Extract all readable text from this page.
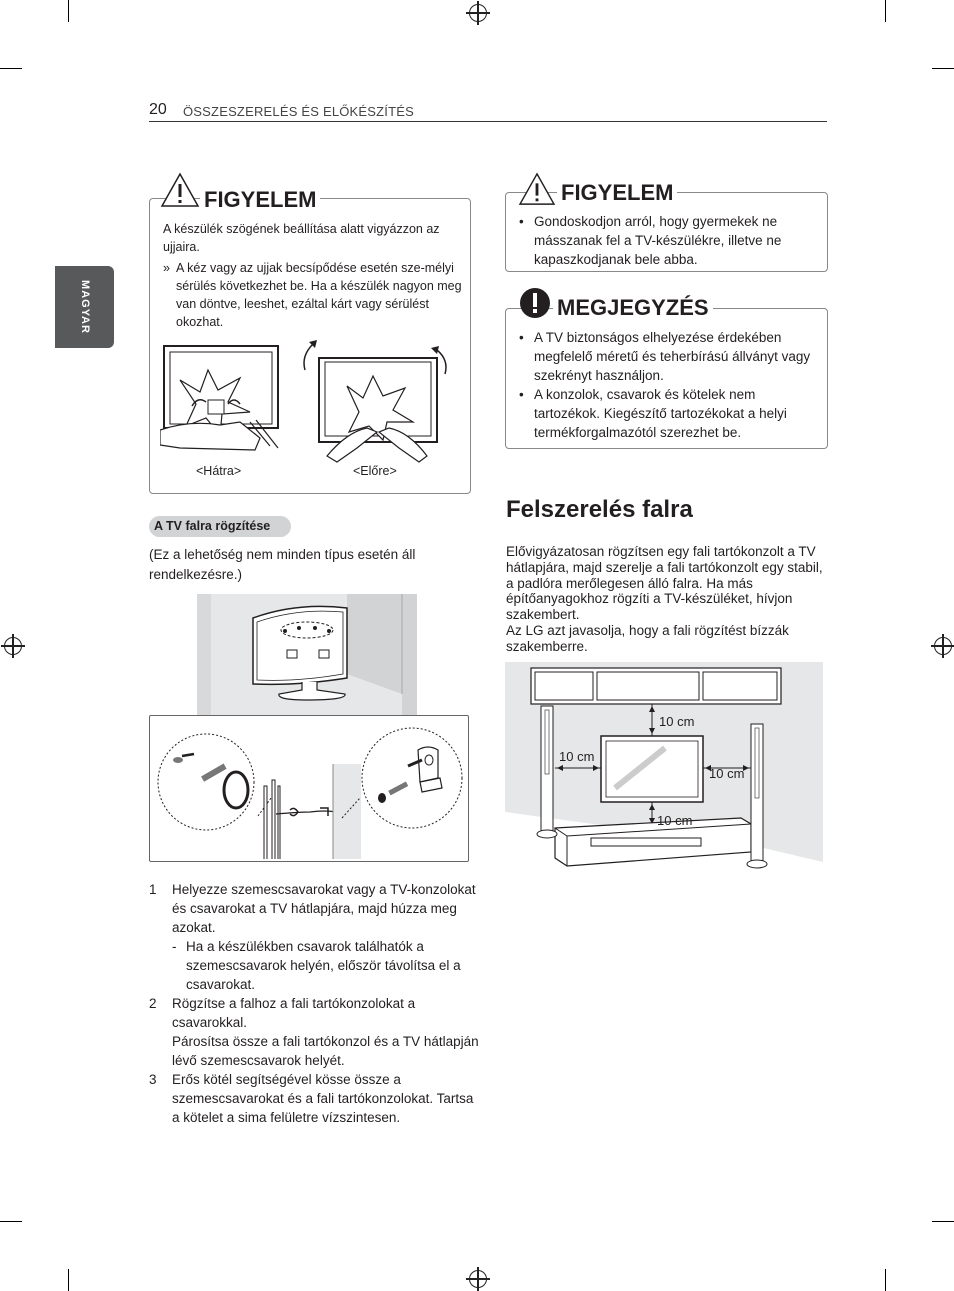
20 ÖSSZESZERELÉS ÉS ELŐKÉSZÍTÉS
MAGYAR
FIGYELEM
A készülék szögének beállítása alatt vigyázzon az ujjaira.
» A kéz vagy az ujjak becsípődése esetén sze-mélyi sérülés következhet be. Ha a készülék nagyon meg van döntve, leeshet, ezáltal kárt vagy sérülést okozhat.
<Hátra>	<Előre>
A TV falra rögzítése
(Ez a lehetőség nem minden típus esetén áll rendelkezésre.)
1 Helyezze szemescsavarokat vagy a TV-konzolokat és csavarokat a TV hátlapjára, majd húzza meg azokat.
- Ha a készülékben csavarok találhatók a szemescsavarok helyén, először távolítsa el a csavarokat.
2 Rögzítse a falhoz a fali tartókonzolokat a csavarokkal.
Párosítsa össze a fali tartókonzol és a TV hátlapján lévő szemescsavarok helyét.
3 Erős kötél segítségével kösse össze a szemescsavarokat és a fali tartókonzolokat. Tartsa a kötelet a sima felületre vízszintesen.
FIGYELEM
• Gondoskodjon arról, hogy gyermekek ne másszanak fel a TV-készülékre, illetve ne kapaszkodjanak bele abba.
MEGJEGYZÉS
• A TV biztonságos elhelyezése érdekében megfelelő méretű és teherbírású állványt vagy szekrényt használjon.
• A konzolok, csavarok és kötelek nem tartozékok. Kiegészítő tartozékokat a helyi termékforgalmazótól szerezhet be.
Felszerelés falra
Elővigyázatosan rögzítsen egy fali tartókonzolt a TV hátlapjára, majd szerelje a fali tartókonzolt egy stabil, a padlóra merőlegesen álló falra. Ha más építőanyagokhoz rögzíti a TV-készüléket, hívjon szakembert.
Az LG azt javasolja, hogy a fali rögzítést bízzák szakemberre.
10 cm
10 cm
10 cm
10 cm
